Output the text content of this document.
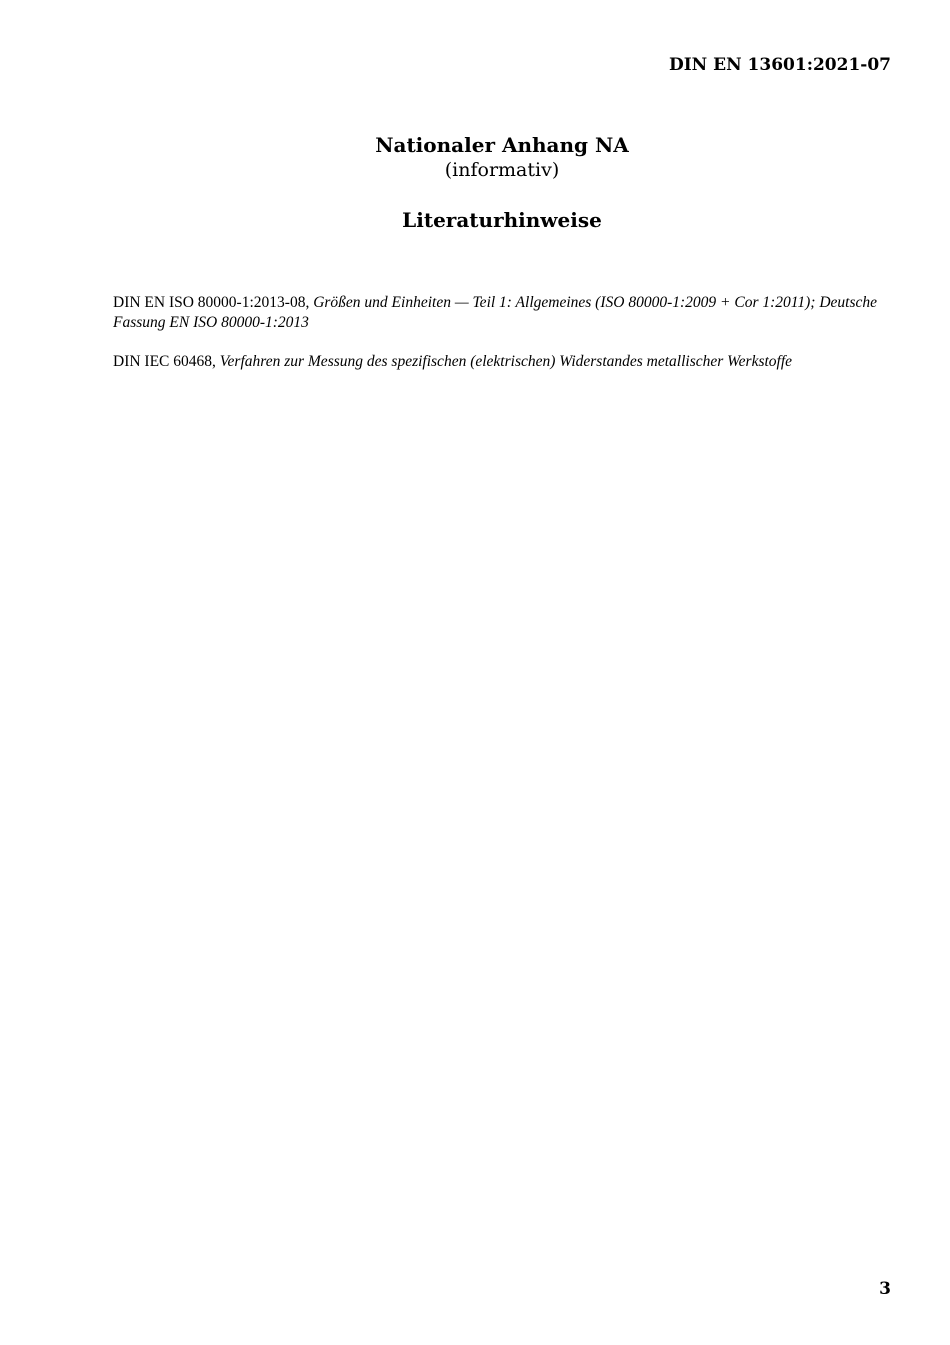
DIN EN 13601:2021-07

Nationaler Anhang NA

(informativ)

Literaturhinweise

DIN EN ISO 80000-1:2013-08, Größen und Einheiten — Teil 1: Allgemeines (ISO 80000-1:2009 + Cor 1:2011); Deutsche Fassung EN ISO 80000-1:2013

DIN IEC 60468, Verfahren zur Messung des spezifischen (elektrischen) Widerstandes metallischer Werkstoffe

3
